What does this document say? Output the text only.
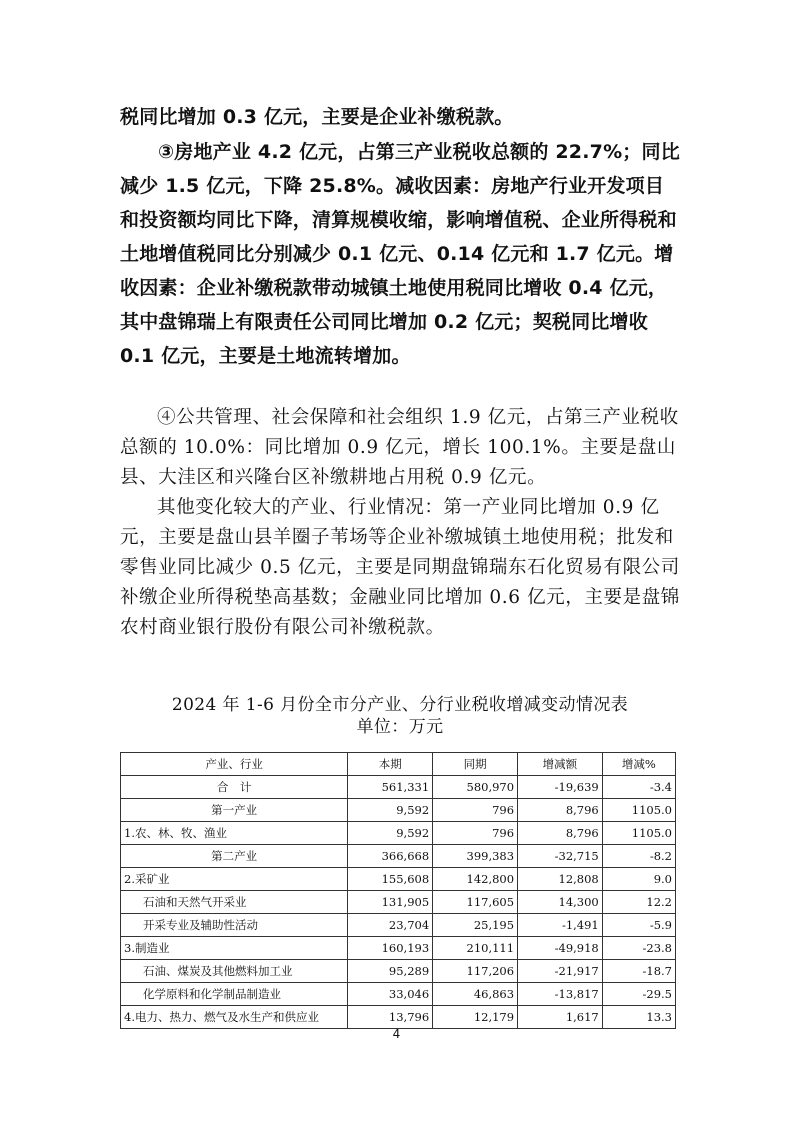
税同比增加 0.3 亿元，主要是企业补缴税款。

③房地产业 4.2 亿元，占第三产业税收总额的 22.7%；同比减少 1.5 亿元，下降 25.8%。减收因素：房地产行业开发项目和投资额均同比下降，清算规模收缩，影响增值税、企业所得税和土地增值税同比分别减少 0.1 亿元、0.14 亿元和 1.7 亿元。增收因素：企业补缴税款带动城镇土地使用税同比增收 0.4 亿元，其中盘锦瑞上有限责任公司同比增加 0.2 亿元；契税同比增收 0.1 亿元，主要是土地流转增加。

④公共管理、社会保障和社会组织 1.9 亿元，占第三产业税收总额的 10.0%：同比增加 0.9 亿元，增长 100.1%。主要是盘山县、大洼区和兴隆台区补缴耕地占用税 0.9 亿元。

其他变化较大的产业、行业情况：第一产业同比增加 0.9 亿元，主要是盘山县羊圈子苇场等企业补缴城镇土地使用税；批发和零售业同比减少 0.5 亿元，主要是同期盘锦瑞东石化贸易有限公司补缴企业所得税垫高基数；金融业同比增加 0.6 亿元，主要是盘锦农村商业银行股份有限公司补缴税款。

2024 年 1-6 月份全市分产业、分行业税收增减变动情况表
单位：万元
产业、行业	本期	同期	增减额	增减%
合　计	561,331	580,970	-19,639	-3.4
第一产业	9,592	796	8,796	1105.0
1.农、林、牧、渔业	9,592	796	8,796	1105.0
第二产业	366,668	399,383	-32,715	-8.2
2.采矿业	155,608	142,800	12,808	9.0
石油和天然气开采业	131,905	117,605	14,300	12.2
开采专业及辅助性活动	23,704	25,195	-1,491	-5.9
3.制造业	160,193	210,111	-49,918	-23.8
石油、煤炭及其他燃料加工业	95,289	117,206	-21,917	-18.7
化学原料和化学制品制造业	33,046	46,863	-13,817	-29.5
4.电力、热力、燃气及水生产和供应业	13,796	12,179	1,617	13.3
4
